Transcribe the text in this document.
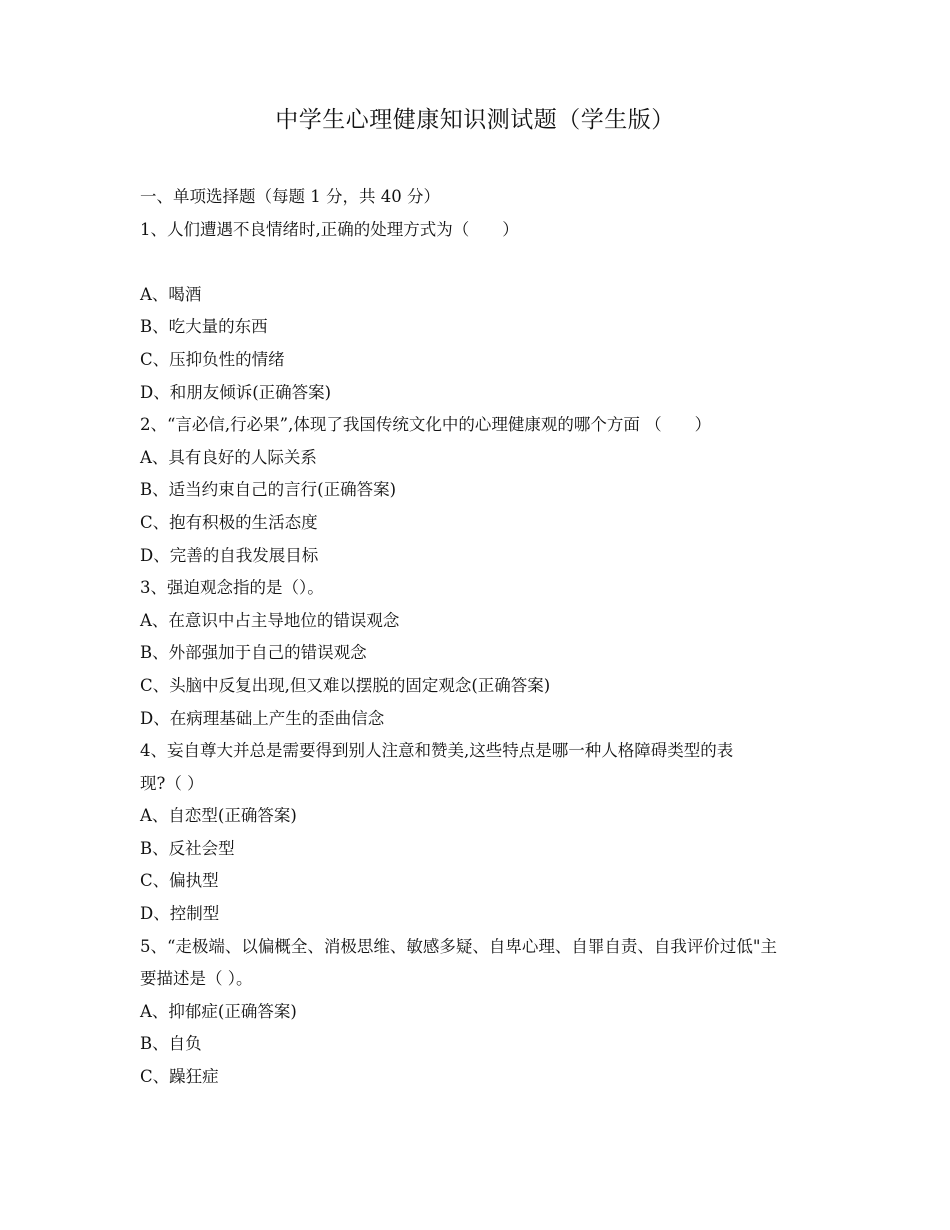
中学生心理健康知识测试题（学生版）
一、单项选择题（每题 1 分，共 40 分）
1、人们遭遇不良情绪时,正确的处理方式为（　　）
A、喝酒
B、吃大量的东西
C、压抑负性的情绪
D、和朋友倾诉(正确答案)
2、“言必信,行必果”,体现了我国传统文化中的心理健康观的哪个方面 （　　）
A、具有良好的人际关系
B、适当约束自己的言行(正确答案)
C、抱有积极的生活态度
D、完善的自我发展目标
3、强迫观念指的是（）。
A、在意识中占主导地位的错误观念
B、外部强加于自己的错误观念
C、头脑中反复出现,但又难以摆脱的固定观念(正确答案)
D、在病理基础上产生的歪曲信念
4、妄自尊大并总是需要得到别人注意和赞美,这些特点是哪一种人格障碍类型的表
现?（ ）
A、自恋型(正确答案)
B、反社会型
C、偏执型
D、控制型
5、“走极端、以偏概全、消极思维、敏感多疑、自卑心理、自罪自责、自我评价过低"主
要描述是（ ）。
A、抑郁症(正确答案)
B、自负
C、躁狂症
